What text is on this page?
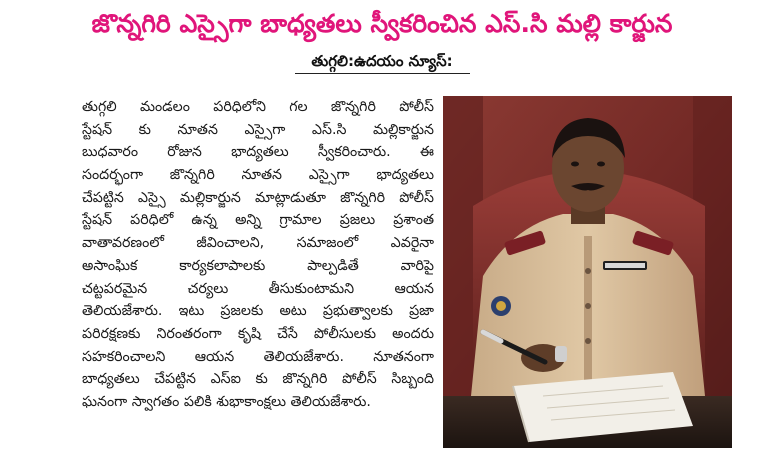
జొన్నగిరి ఎస్సైగా బాధ్యతలు స్వీకరించిన ఎస్.సి మల్లి కార్జున
తుగ్గలి:ఉదయం న్యూస్:
తుగ్గలి మండలం పరిధిలోని గల జొన్నగిరి పోలీస్
స్టేషన్ కు నూతన ఎస్సైగా ఎస్.సి మల్లికార్జున
బుధవారం రోజున భాద్యతలు స్వీకరించారు. ఈ
సందర్భంగా జొన్నగిరి నూతన ఎస్సైగా భాద్యతలు
చేపట్టిన ఎస్సై మల్లికార్జున మాట్లాడుతూ జొన్నగిరి పోలీస్
స్టేషన్ పరిధిలో ఉన్న అన్ని గ్రామాల ప్రజలు ప్రశాంత
వాతావరణంలో జీవించాలని, సమాజంలో ఎవరైనా
అసాంఘిక కార్యకలాపాలకు పాల్పడితే వారిపై
చట్టపరమైన చర్యలు తీసుకుంటామని ఆయన
తెలియజేశారు. ఇటు ప్రజలకు అటు ప్రభుత్వాలకు ప్రజా
పరిరక్షణకు నిరంతరంగా కృషి చేసే పోలీసులకు అందరు
సహకరించాలని ఆయన తెలియజేశారు. నూతనంగా
బాధ్యతలు చేపట్టిన ఎస్ఐ కు జొన్నగిరి పోలీస్ సిబ్బంది
ఘనంగా స్వాగతం పలికి శుభాకాంక్షలు తెలియజేశారు.
